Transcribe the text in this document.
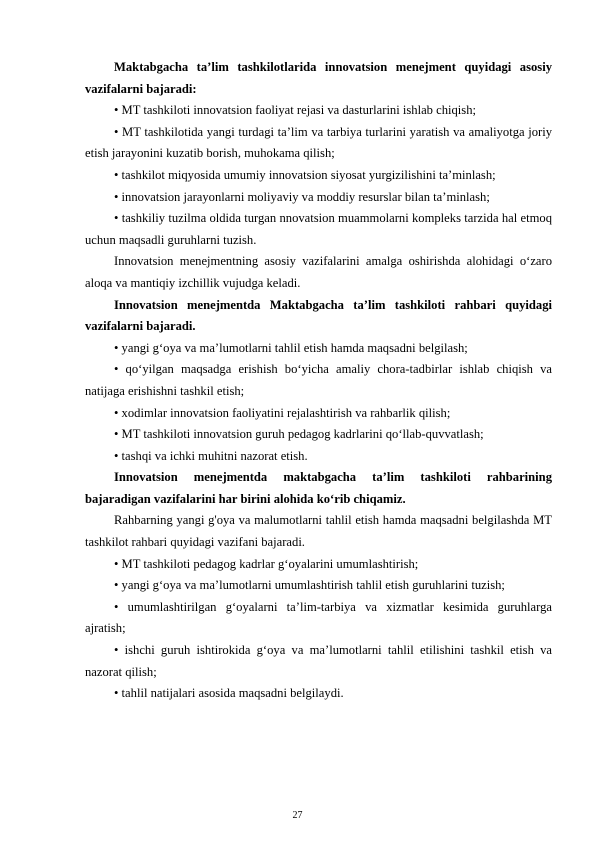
Maktabgacha ta’lim tashkilotlarida innovatsion menejment quyidagi asosiy vazifalarni bajaradi:

• MT tashkiloti innovatsion faoliyat rejasi va dasturlarini ishlab chiqish;

• MT tashkilotida yangi turdagi ta’lim va tarbiya turlarini yaratish va amaliyotga joriy etish jarayonini kuzatib borish, muhokama qilish;

• tashkilot miqyosida umumiy innovatsion siyosat yurgizilishini ta’minlash;

• innovatsion jarayonlarni moliyaviy va moddiy resurslar bilan ta’minlash;

• tashkiliy tuzilma oldida turgan nnovatsion muammolarni kompleks tarzida hal etmoq uchun maqsadli guruhlarni tuzish.

Innovatsion menejmentning asosiy vazifalarini amalga oshirishda alohidagi o‘zaro aloqa va mantiqiy izchillik vujudga keladi.

Innovatsion menejmentda Maktabgacha ta’lim tashkiloti rahbari quyidagi vazifalarni bajaradi.

• yangi g‘oya va ma’lumotlarni tahlil etish hamda maqsadni belgilash;

• qo‘yilgan maqsadga erishish bo‘yicha amaliy chora-tadbirlar ishlab chiqish va natijaga erishishni tashkil etish;

• xodimlar innovatsion faoliyatini rejalashtirish va rahbarlik qilish;

• MT tashkiloti innovatsion guruh pedagog kadrlarini qo‘llab-quvvatlash;

• tashqi va ichki muhitni nazorat etish.

Innovatsion menejmentda maktabgacha ta’lim tashkiloti rahbarining bajaradigan vazifalarini har birini alohida ko‘rib chiqamiz.

Rahbarning yangi g'oya va malumotlarni tahlil etish hamda maqsadni belgilashda MT tashkilot rahbari quyidagi vazifani bajaradi.

• MT tashkiloti pedagog kadrlar g‘oyalarini umumlashtirish;

• yangi g‘oya va ma’lumotlarni umumlashtirish tahlil etish guruhlarini tuzish;

• umumlashtirilgan g‘oyalarni ta’lim-tarbiya va xizmatlar kesimida guruhlarga ajratish;

• ishchi guruh ishtirokida g‘oya va ma’lumotlarni tahlil etilishini tashkil etish va nazorat qilish;

• tahlil natijalari asosida maqsadni belgilaydi.

27
